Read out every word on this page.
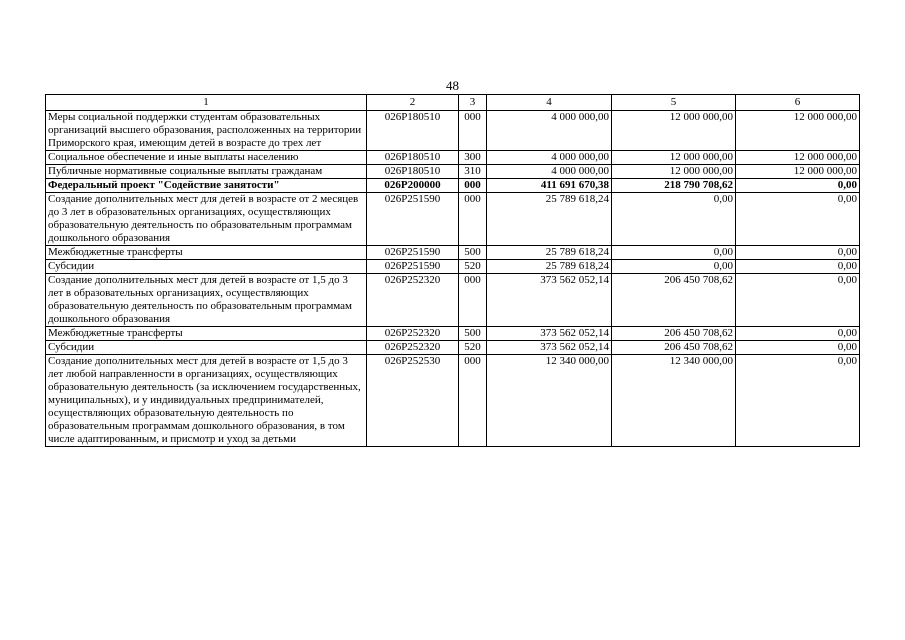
48
1	2	3	4	5	6
Меры социальной поддержки студентам образовательных организаций высшего образования, расположенных на территории Приморского края, имеющим детей в возрасте до трех лет	026P180510	000	4 000 000,00	12 000 000,00	12 000 000,00
Социальное обеспечение и иные выплаты населению	026P180510	300	4 000 000,00	12 000 000,00	12 000 000,00
Публичные нормативные социальные выплаты гражданам	026P180510	310	4 000 000,00	12 000 000,00	12 000 000,00
Федеральный проект "Содействие занятости"	026P200000	000	411 691 670,38	218 790 708,62	0,00
Создание дополнительных мест для детей в возрасте от 2 месяцев до 3 лет в образовательных организациях, осуществляющих образовательную деятельность по образовательным программам дошкольного образования	026P251590	000	25 789 618,24	0,00	0,00
Межбюджетные трансферты	026P251590	500	25 789 618,24	0,00	0,00
Субсидии	026P251590	520	25 789 618,24	0,00	0,00
Создание дополнительных мест для детей в возрасте от 1,5 до 3 лет в образовательных организациях, осуществляющих образовательную деятельность по образовательным программам дошкольного образования	026P252320	000	373 562 052,14	206 450 708,62	0,00
Межбюджетные трансферты	026P252320	500	373 562 052,14	206 450 708,62	0,00
Субсидии	026P252320	520	373 562 052,14	206 450 708,62	0,00
Создание дополнительных мест для детей в возрасте от 1,5 до 3 лет любой направленности в организациях, осуществляющих образовательную деятельность (за исключением государственных, муниципальных), и у индивидуальных предпринимателей, осуществляющих образовательную деятельность по образовательным программам дошкольного образования, в том числе адаптированным, и присмотр и уход за детьми	026P252530	000	12 340 000,00	12 340 000,00	0,00
